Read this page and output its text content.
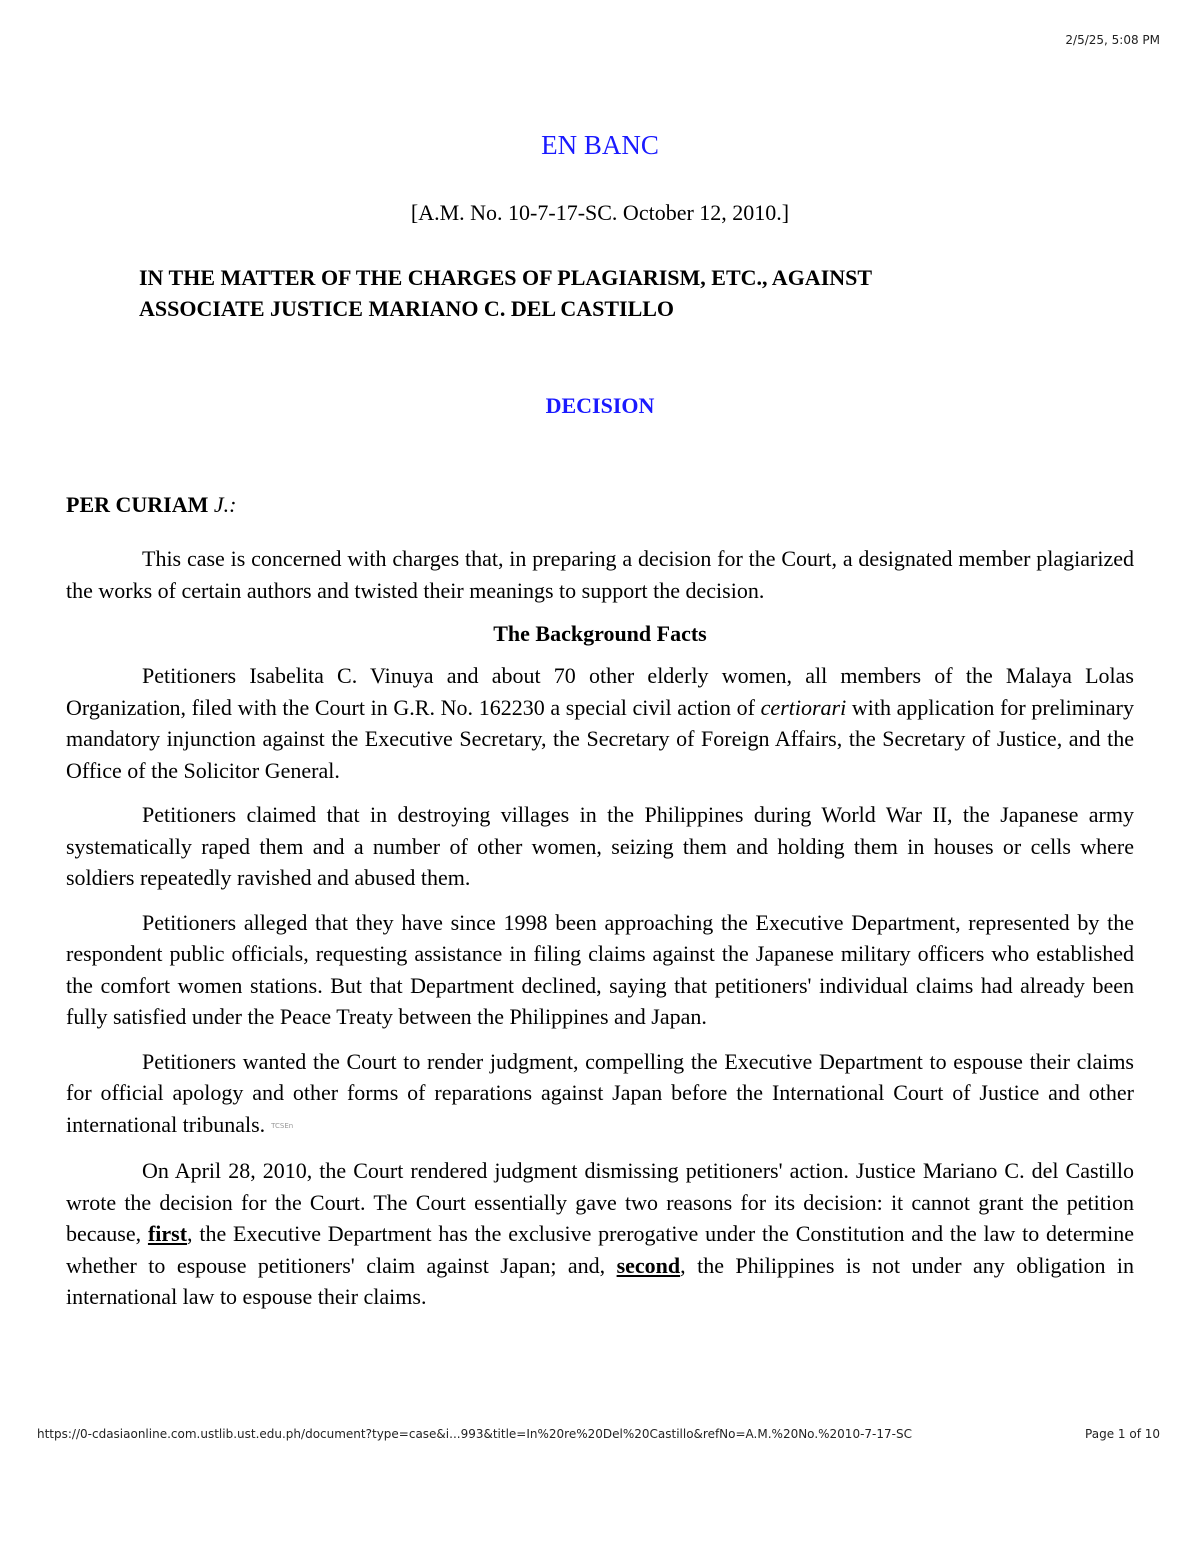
2/5/25, 5:08 PM
EN BANC
[A.M. No. 10-7-17-SC. October 12, 2010.]
IN THE MATTER OF THE CHARGES OF PLAGIARISM, ETC., AGAINST
ASSOCIATE JUSTICE MARIANO C. DEL CASTILLO
DECISION
PER CURIAM J.:

This case is concerned with charges that, in preparing a decision for the Court, a designated member plagiarized the works of certain authors and twisted their meanings to support the decision.

The Background Facts

Petitioners Isabelita C. Vinuya and about 70 other elderly women, all members of the Malaya Lolas Organization, filed with the Court in G.R. No. 162230 a special civil action of certiorari with application for preliminary mandatory injunction against the Executive Secretary, the Secretary of Foreign Affairs, the Secretary of Justice, and the Office of the Solicitor General.

Petitioners claimed that in destroying villages in the Philippines during World War II, the Japanese army systematically raped them and a number of other women, seizing them and holding them in houses or cells where soldiers repeatedly ravished and abused them.

Petitioners alleged that they have since 1998 been approaching the Executive Department, represented by the respondent public officials, requesting assistance in filing claims against the Japanese military officers who established the comfort women stations. But that Department declined, saying that petitioners' individual claims had already been fully satisfied under the Peace Treaty between the Philippines and Japan.

Petitioners wanted the Court to render judgment, compelling the Executive Department to espouse their claims for official apology and other forms of reparations against Japan before the International Court of Justice and other international tribunals. TCSEn

On April 28, 2010, the Court rendered judgment dismissing petitioners' action. Justice Mariano C. del Castillo wrote the decision for the Court. The Court essentially gave two reasons for its decision: it cannot grant the petition because, first, the Executive Department has the exclusive prerogative under the Constitution and the law to determine whether to espouse petitioners' claim against Japan; and, second, the Philippines is not under any obligation in international law to espouse their claims.

https://0-cdasiaonline.com.ustlib.ust.edu.ph/document?type=case&i...993&title=In%20re%20Del%20Castillo&refNo=A.M.%20No.%2010-7-17-SC	Page 1 of 10
